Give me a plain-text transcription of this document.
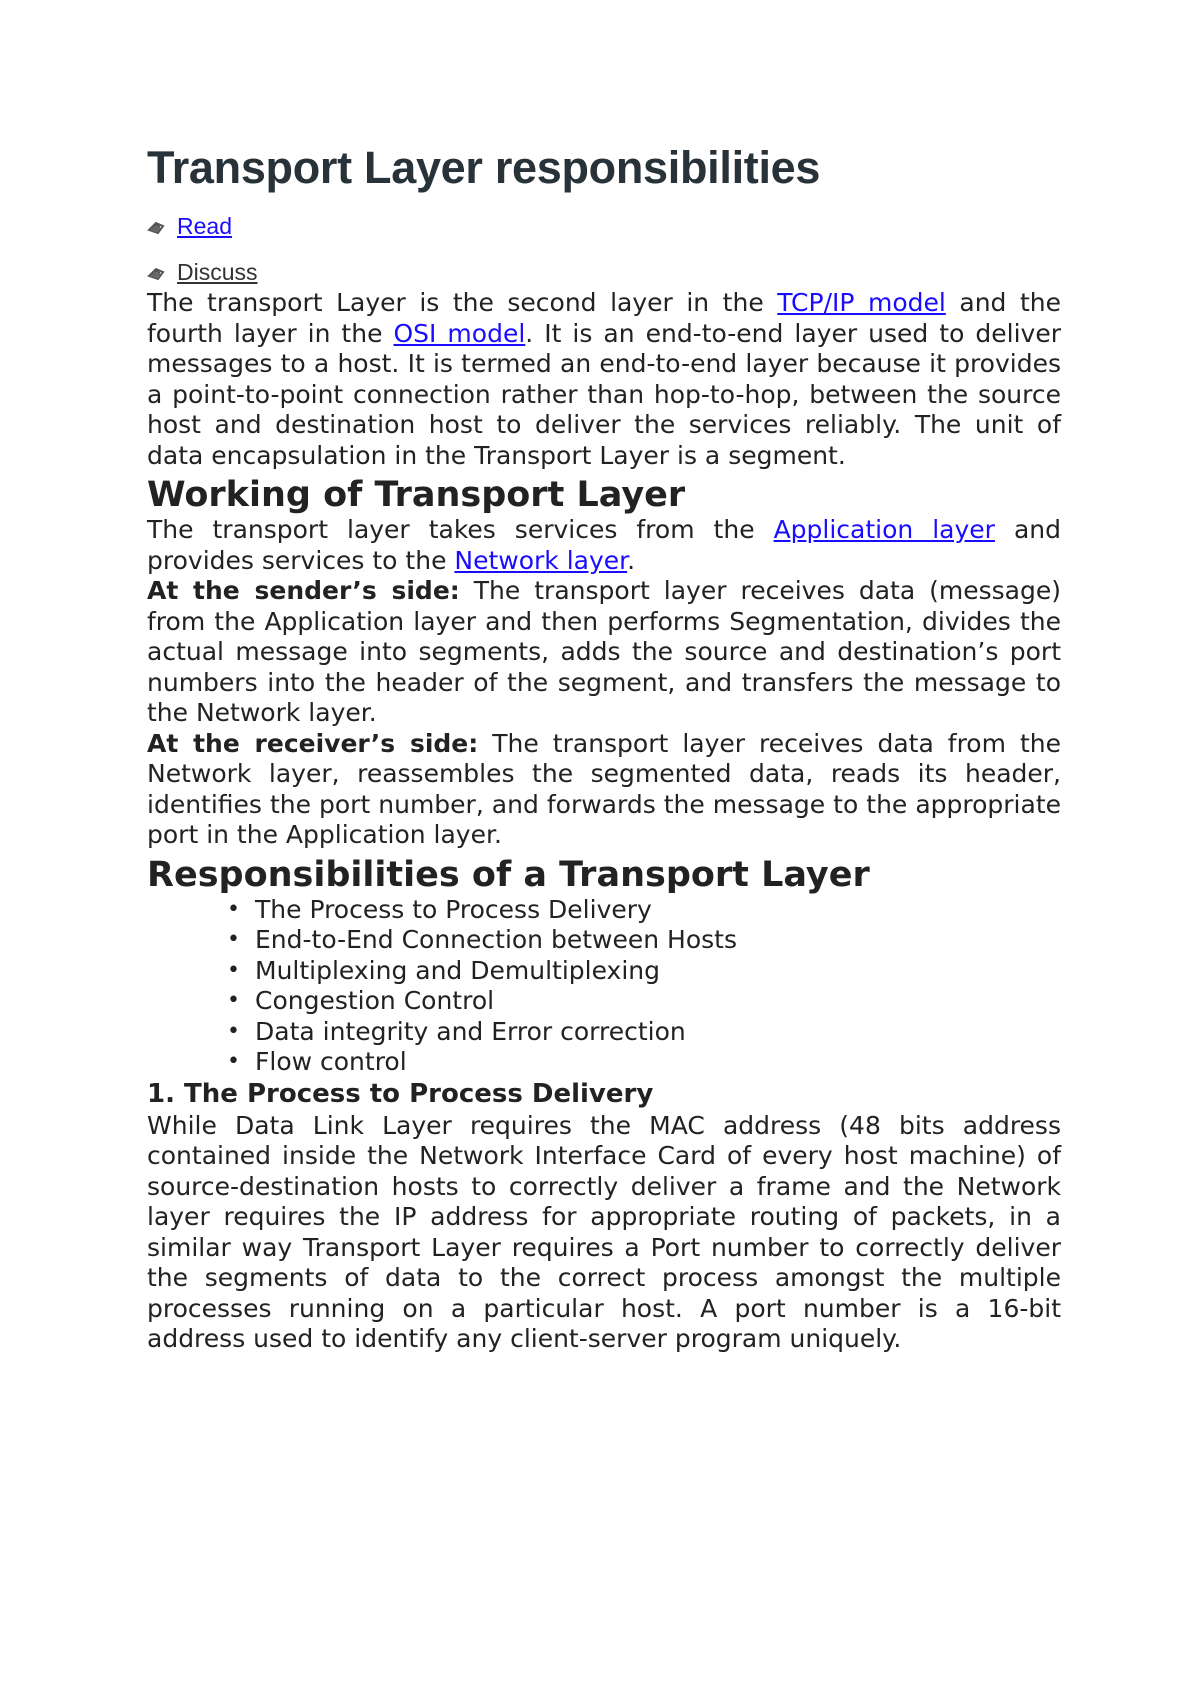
Transport Layer responsibilities
Read
Discuss

The transport Layer is the second layer in the TCP/IP model and the fourth layer in the OSI model. It is an end-to-end layer used to deliver messages to a host. It is termed an end-to-end layer because it provides a point-to-point connection rather than hop-to-hop, between the source host and destination host to deliver the services reliably. The unit of data encapsulation in the Transport Layer is a segment.

Working of Transport Layer

The transport layer takes services from the Application layer and provides services to the Network layer.

At the sender’s side: The transport layer receives data (message) from the Application layer and then performs Segmentation, divides the actual message into segments, adds the source and destination’s port numbers into the header of the segment, and transfers the message to the Network layer.

At the receiver’s side: The transport layer receives data from the Network layer, reassembles the segmented data, reads its header, identifies the port number, and forwards the message to the appropriate port in the Application layer.

Responsibilities of a Transport Layer
• The Process to Process Delivery
• End-to-End Connection between Hosts
• Multiplexing and Demultiplexing
• Congestion Control
• Data integrity and Error correction
• Flow control
1. The Process to Process Delivery

While Data Link Layer requires the MAC address (48 bits address contained inside the Network Interface Card of every host machine) of source-destination hosts to correctly deliver a frame and the Network layer requires the IP address for appropriate routing of packets, in a similar way Transport Layer requires a Port number to correctly deliver the segments of data to the correct process amongst the multiple processes running on a particular host. A port number is a 16-bit address used to identify any client-server program uniquely.
